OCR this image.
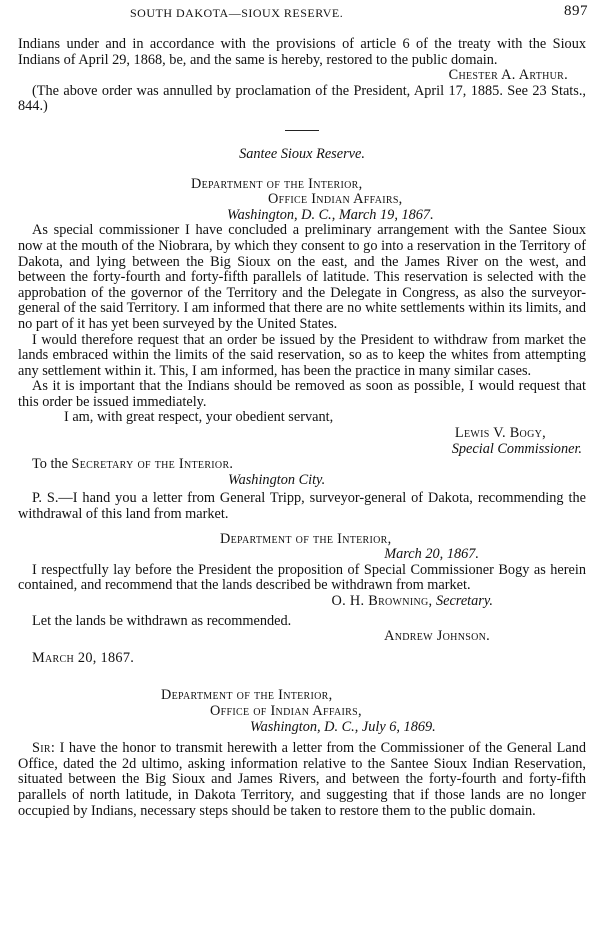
SOUTH DAKOTA—SIOUX RESERVE.	897

Indians under and in accordance with the provisions of article 6 of the treaty with the Sioux Indians of April 29, 1868, be, and the same is hereby, restored to the public domain.

Chester A. Arthur.

(The above order was annulled by proclamation of the President, April 17, 1885. See 23 Stats., 844.)

Santee Sioux Reserve.

Department of the Interior,

Office Indian Affairs,

Washington, D. C., March 19, 1867.

As special commissioner I have concluded a preliminary arrangement with the Santee Sioux now at the mouth of the Niobrara, by which they consent to go into a reservation in the Territory of Dakota, and lying between the Big Sioux on the east, and the James River on the west, and between the forty-fourth and forty-fifth parallels of latitude. This reservation is selected with the approbation of the governor of the Territory and the Delegate in Congress, as also the surveyor-general of the said Territory. I am informed that there are no white settlements within its limits, and no part of it has yet been surveyed by the United States.

I would therefore request that an order be issued by the President to withdraw from market the lands embraced within the limits of the said reservation, so as to keep the whites from attempting any settlement within it. This, I am informed, has been the practice in many similar cases.

As it is important that the Indians should be removed as soon as possible, I would request that this order be issued immediately.

I am, with great respect, your obedient servant,

Lewis V. Bogy,

Special Commissioner.

To the Secretary of the Interior.

Washington City.

P. S.—I hand you a letter from General Tripp, surveyor-general of Dakota, recommending the withdrawal of this land from market.

Department of the Interior,

March 20, 1867.

I respectfully lay before the President the proposition of Special Commissioner Bogy as herein contained, and recommend that the lands described be withdrawn from market.

O. H. Browning, Secretary.

Let the lands be withdrawn as recommended.

Andrew Johnson.

March 20, 1867.

Department of the Interior,

Office of Indian Affairs,

Washington, D. C., July 6, 1869.

Sir: I have the honor to transmit herewith a letter from the Commissioner of the General Land Office, dated the 2d ultimo, asking information relative to the Santee Sioux Indian Reservation, situated between the Big Sioux and James Rivers, and between the forty-fourth and forty-fifth parallels of north latitude, in Dakota Territory, and suggesting that if those lands are no longer occupied by Indians, necessary steps should be taken to restore them to the public domain.
